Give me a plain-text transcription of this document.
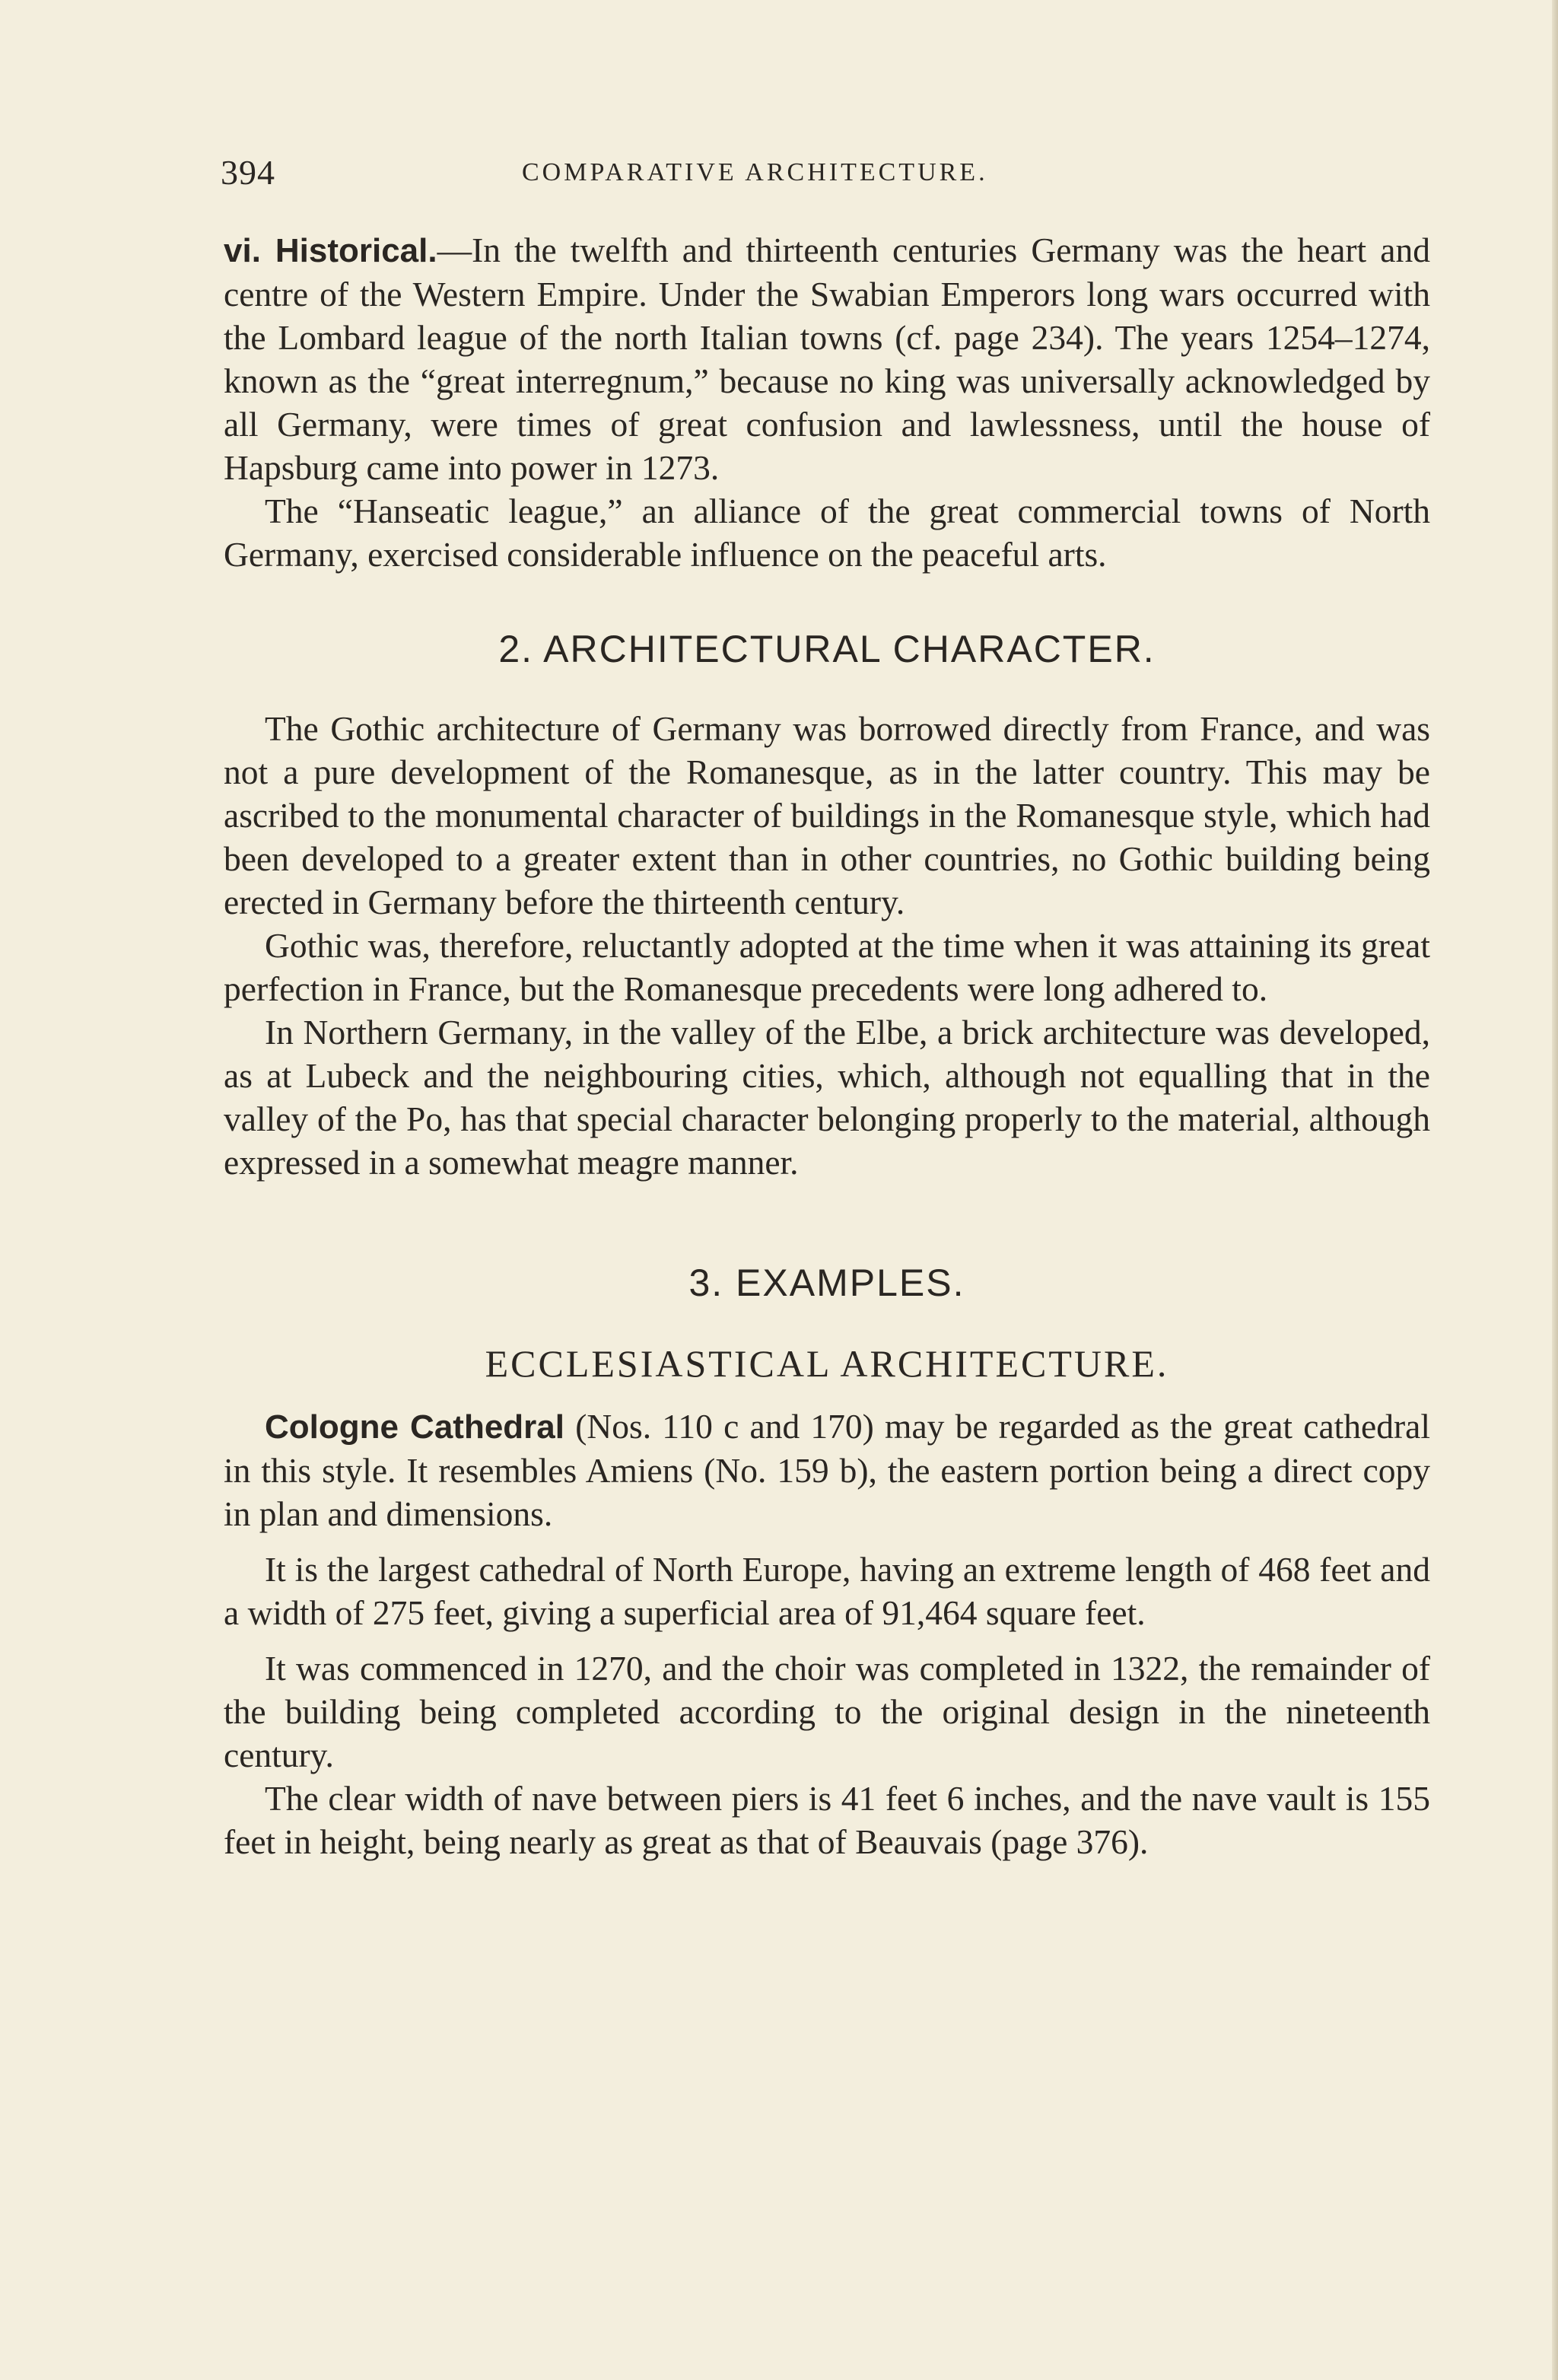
394	COMPARATIVE ARCHITECTURE.

vi. Historical.—In the twelfth and thirteenth centuries Germany was the heart and centre of the Western Empire. Under the Swabian Emperors long wars occurred with the Lombard league of the north Italian towns (cf. page 234). The years 1254–1274, known as the “great interregnum,” because no king was universally acknowledged by all Germany, were times of great confusion and lawlessness, until the house of Hapsburg came into power in 1273.

The “Hanseatic league,” an alliance of the great commercial towns of North Germany, exercised considerable influence on the peaceful arts.

2. ARCHITECTURAL CHARACTER.

The Gothic architecture of Germany was borrowed directly from France, and was not a pure development of the Romanesque, as in the latter country. This may be ascribed to the monumental character of buildings in the Romanesque style, which had been developed to a greater extent than in other countries, no Gothic building being erected in Germany before the thirteenth century.

Gothic was, therefore, reluctantly adopted at the time when it was attaining its great perfection in France, but the Romanesque precedents were long adhered to.

In Northern Germany, in the valley of the Elbe, a brick architecture was developed, as at Lubeck and the neighbouring cities, which, although not equalling that in the valley of the Po, has that special character belonging properly to the material, although expressed in a somewhat meagre manner.

3. EXAMPLES.
ECCLESIASTICAL ARCHITECTURE.

Cologne Cathedral (Nos. 110 c and 170) may be regarded as the great cathedral in this style. It resembles Amiens (No. 159 b), the eastern portion being a direct copy in plan and dimensions.

It is the largest cathedral of North Europe, having an extreme length of 468 feet and a width of 275 feet, giving a superficial area of 91,464 square feet.

It was commenced in 1270, and the choir was completed in 1322, the remainder of the building being completed according to the original design in the nineteenth century.

The clear width of nave between piers is 41 feet 6 inches, and the nave vault is 155 feet in height, being nearly as great as that of Beauvais (page 376).
